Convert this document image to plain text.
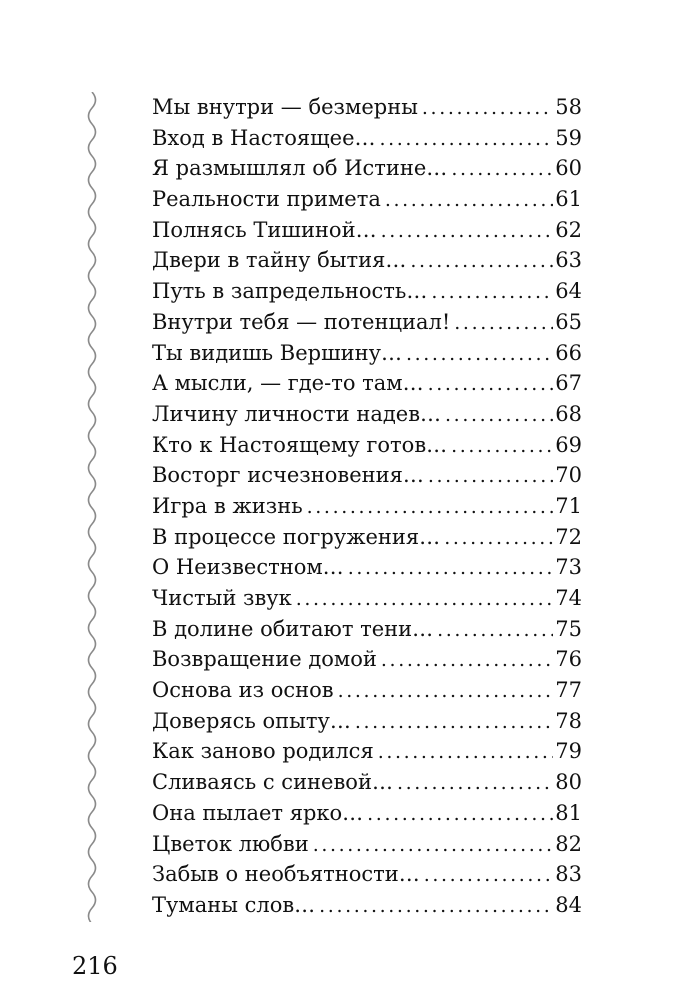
Мы внутри — безмерны .....	58
Вход в Настоящее… .....	59
Я размышлял об Истине… .....	60
Реальности примета .....	61
Полнясь Тишиной… .....	62
Двери в тайну бытия… .....	63
Путь в запредельность… .....	64
Внутри тебя — потенциал! .....	65
Ты видишь Вершину… .....	66
А мысли, — где-то там… .....	67
Личину личности надев… .....	68
Кто к Настоящему готов… .....	69
Восторг исчезновения… .....	70
Игра в жизнь .....	71
В процессе погружения… .....	72
О Неизвестном… .....	73
Чистый звук .....	74
В долине обитают тени… .....	75
Возвращение домой .....	76
Основа из основ .....	77
Доверясь опыту… .....	78
Как заново родился .....	79
Сливаясь с синевой… .....	80
Она пылает ярко… .....	81
Цветок любви .....	82
Забыв о необъятности… .....	83
Туманы слов… .....	84
216
